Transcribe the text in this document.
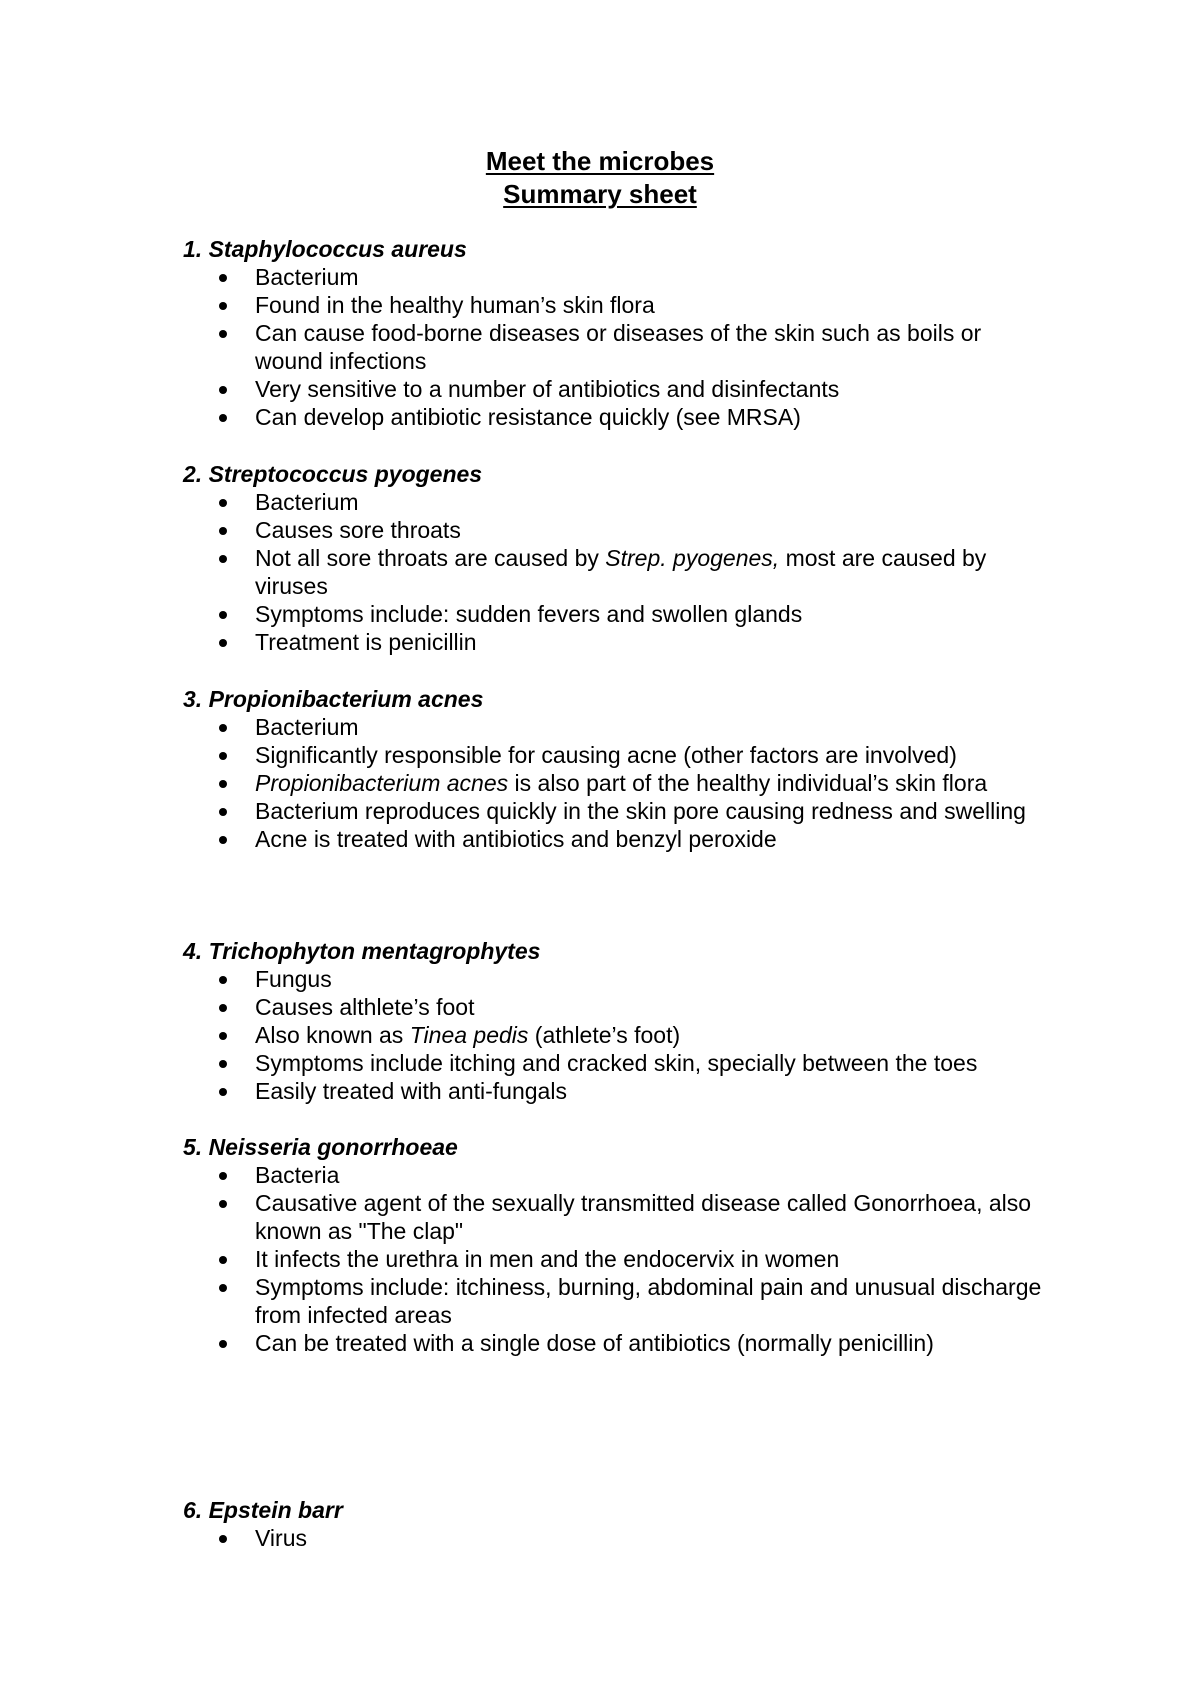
Meet the microbes
Summary sheet
1. Staphylococcus aureus
Bacterium
Found in the healthy human’s skin flora
Can cause food-borne diseases or diseases of the skin such as boils or wound infections
Very sensitive to a number of antibiotics and disinfectants
Can develop antibiotic resistance quickly (see MRSA)
2. Streptococcus pyogenes
Bacterium
Causes sore throats
Not all sore throats are caused by Strep. pyogenes, most are caused by viruses
Symptoms include: sudden fevers and swollen glands
Treatment is penicillin
3. Propionibacterium acnes
Bacterium
Significantly responsible for causing acne (other factors are involved)
Propionibacterium acnes is also part of the healthy individual’s skin flora
Bacterium reproduces quickly in the skin pore causing redness and swelling
Acne is treated with antibiotics and benzyl peroxide
4. Trichophyton mentagrophytes
Fungus
Causes althlete’s foot
Also known as Tinea pedis (athlete’s foot)
Symptoms include itching and cracked skin, specially between the toes
Easily treated with anti-fungals
5. Neisseria gonorrhoeae
Bacteria
Causative agent of the sexually transmitted disease called Gonorrhoea, also known as "The clap"
It infects the urethra in men and the endocervix in women
Symptoms include: itchiness, burning, abdominal pain and unusual discharge from infected areas
Can be treated with a single dose of antibiotics (normally penicillin)
6. Epstein barr
Virus
